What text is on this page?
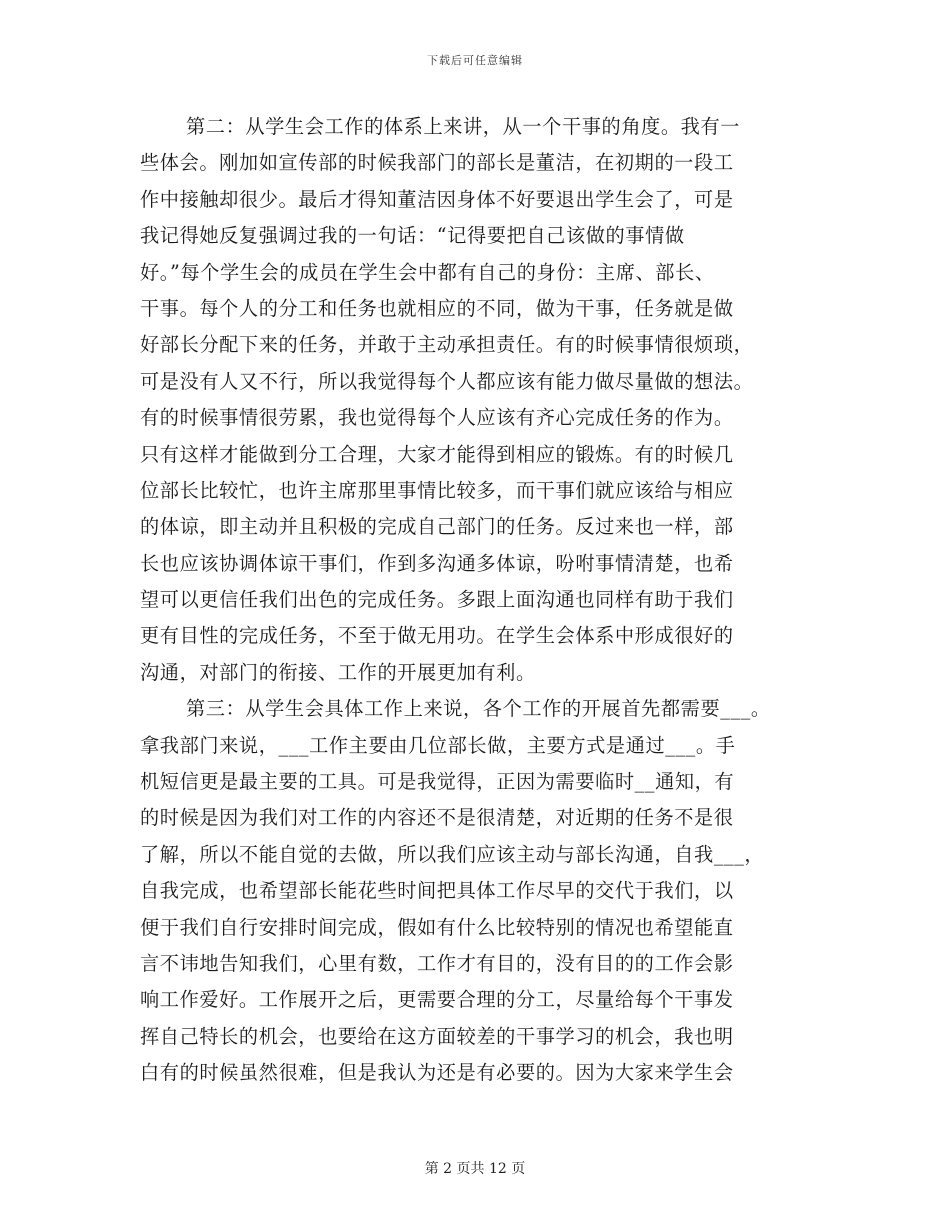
下载后可任意编辑
第二：从学生会工作的体系上来讲，从一个干事的角度。我有一
些体会。刚加如宣传部的时候我部门的部长是董洁，在初期的一段工
作中接触却很少。最后才得知董洁因身体不好要退出学生会了，可是
我记得她反复强调过我的一句话：“记得要把自己该做的事情做
好。”每个学生会的成员在学生会中都有自己的身份：主席、部长、
干事。每个人的分工和任务也就相应的不同，做为干事，任务就是做
好部长分配下来的任务，并敢于主动承担责任。有的时候事情很烦琐，
可是没有人又不行，所以我觉得每个人都应该有能力做尽量做的想法。
有的时候事情很劳累，我也觉得每个人应该有齐心完成任务的作为。
只有这样才能做到分工合理，大家才能得到相应的锻炼。有的时候几
位部长比较忙，也许主席那里事情比较多，而干事们就应该给与相应
的体谅，即主动并且积极的完成自己部门的任务。反过来也一样，部
长也应该协调体谅干事们，作到多沟通多体谅，吩咐事情清楚，也希
望可以更信任我们出色的完成任务。多跟上面沟通也同样有助于我们
更有目性的完成任务，不至于做无用功。在学生会体系中形成很好的
沟通，对部门的衔接、工作的开展更加有利。
第三：从学生会具体工作上来说，各个工作的开展首先都需要___。
拿我部门来说，___工作主要由几位部长做，主要方式是通过___。手
机短信更是最主要的工具。可是我觉得，正因为需要临时__通知，有
的时候是因为我们对工作的内容还不是很清楚，对近期的任务不是很
了解，所以不能自觉的去做，所以我们应该主动与部长沟通，自我___，
自我完成，也希望部长能花些时间把具体工作尽早的交代于我们，以
便于我们自行安排时间完成，假如有什么比较特别的情况也希望能直
言不讳地告知我们，心里有数，工作才有目的，没有目的的工作会影
响工作爱好。工作展开之后，更需要合理的分工，尽量给每个干事发
挥自己特长的机会，也要给在这方面较差的干事学习的机会，我也明
白有的时候虽然很难，但是我认为还是有必要的。因为大家来学生会
第 2 页共 12 页
